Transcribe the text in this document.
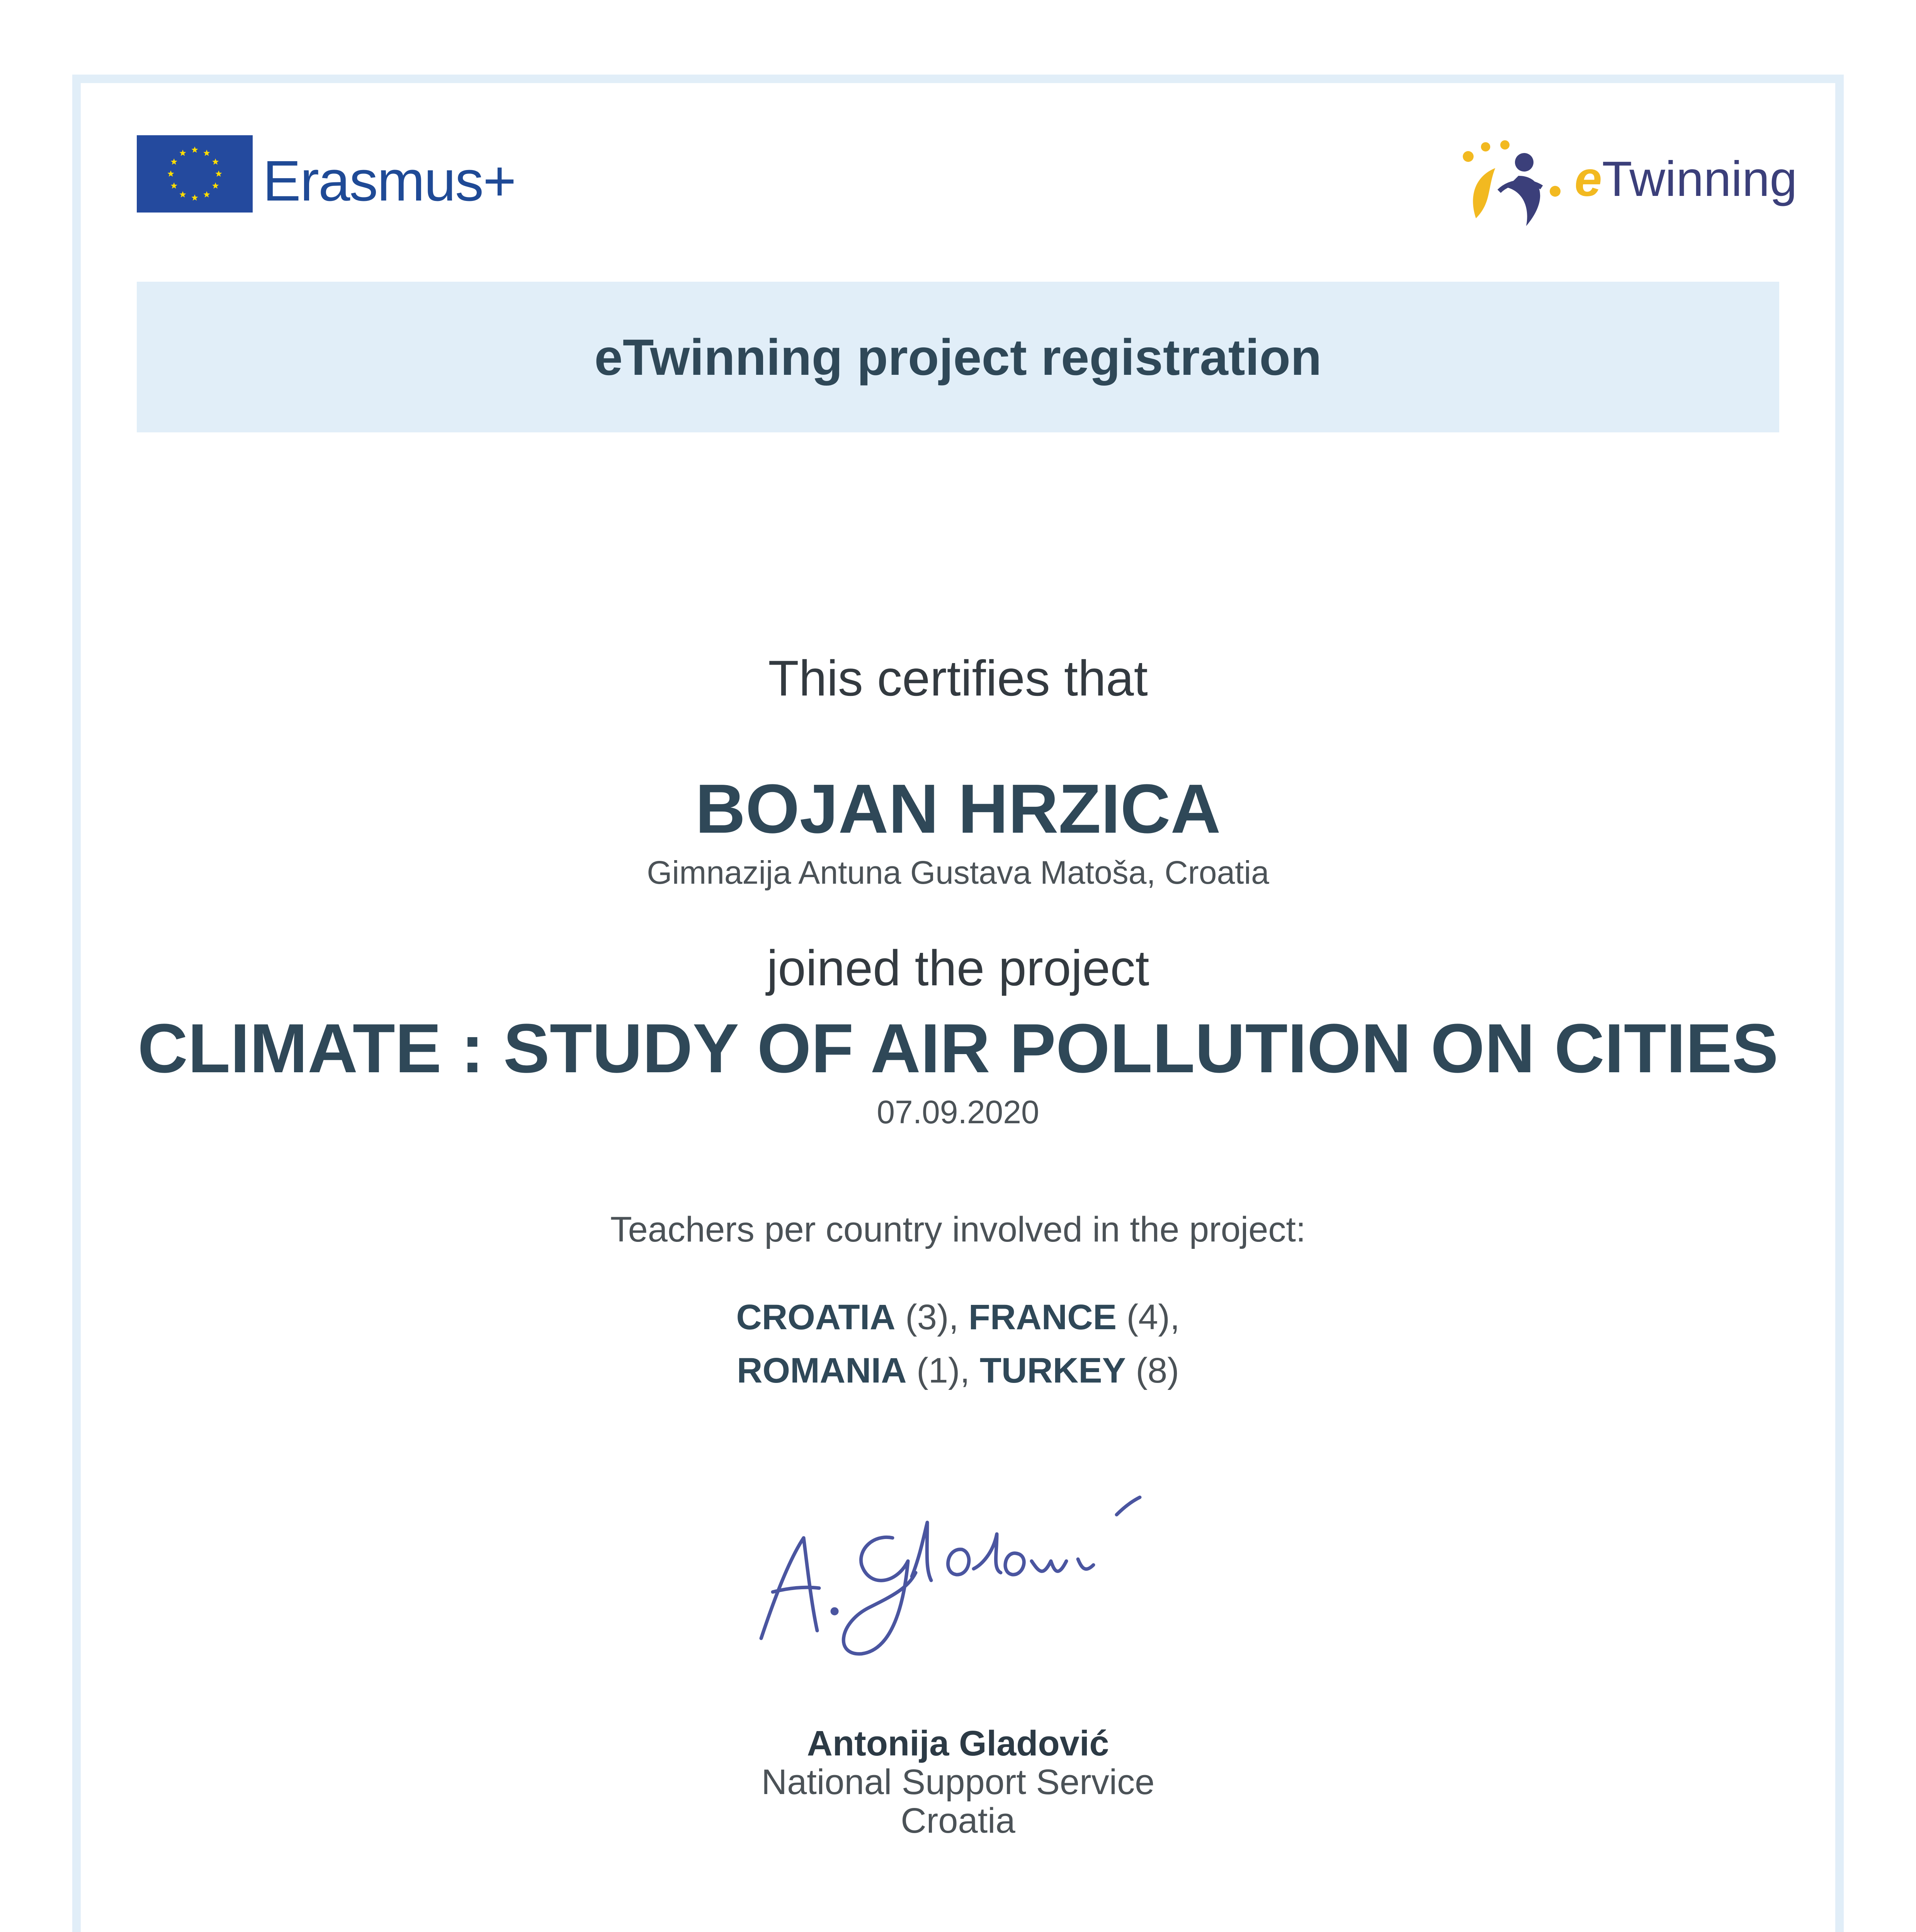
Erasmus+	eTwinning
eTwinning project registration
This certifies that
BOJAN HRZICA
Gimnazija Antuna Gustava Matoša, Croatia
joined the project
CLIMATE : STUDY OF AIR POLLUTION ON CITIES
07.09.2020
Teachers per country involved in the project:
CROATIA (3), FRANCE (4),
ROMANIA (1), TURKEY (8)
Antonija Gladović
National Support Service
Croatia
